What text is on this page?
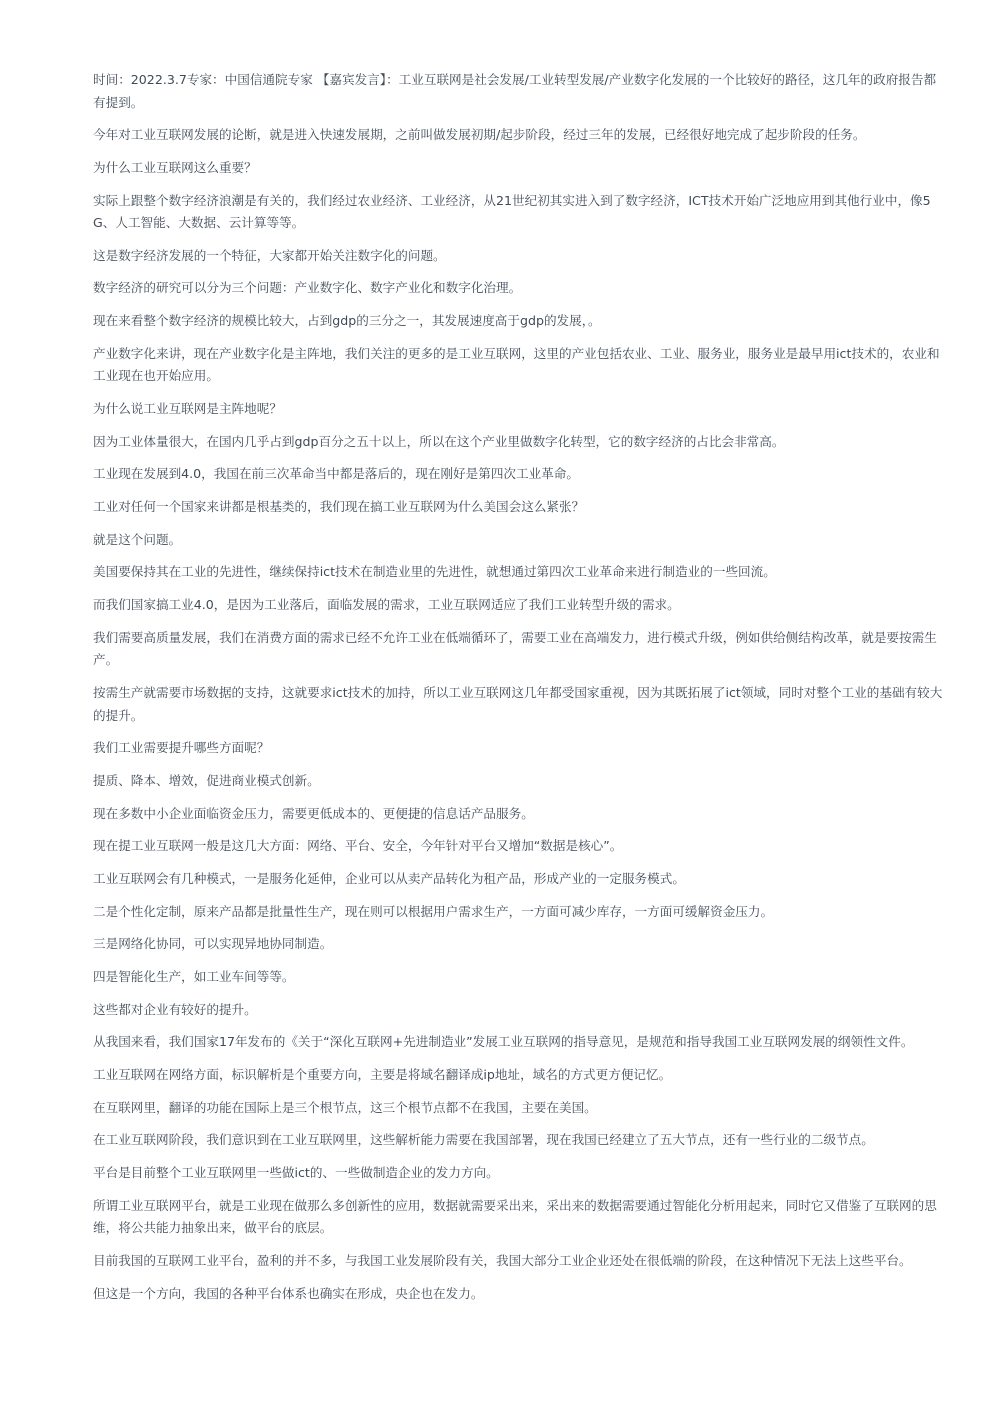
时间：2022.3.7专家：中国信通院专家 【嘉宾发言】：工业互联网是社会发展/工业转型发展/产业数字化发展的一个比较好的路径，这几年的政府报告都有提到。

今年对工业互联网发展的论断，就是进入快速发展期，之前叫做发展初期/起步阶段，经过三年的发展，已经很好地完成了起步阶段的任务。

为什么工业互联网这么重要？

实际上跟整个数字经济浪潮是有关的，我们经过农业经济、工业经济，从21世纪初其实进入到了数字经济，ICT技术开始广泛地应用到其他行业中，像5G、人工智能、大数据、云计算等等。

这是数字经济发展的一个特征，大家都开始关注数字化的问题。

数字经济的研究可以分为三个问题：产业数字化、数字产业化和数字化治理。

现在来看整个数字经济的规模比较大，占到gdp的三分之一，其发展速度高于gdp的发展，。

产业数字化来讲，现在产业数字化是主阵地，我们关注的更多的是工业互联网，这里的产业包括农业、工业、服务业，服务业是最早用ict技术的，农业和工业现在也开始应用。

为什么说工业互联网是主阵地呢？

因为工业体量很大，在国内几乎占到gdp百分之五十以上，所以在这个产业里做数字化转型，它的数字经济的占比会非常高。

工业现在发展到4.0，我国在前三次革命当中都是落后的，现在刚好是第四次工业革命。

工业对任何一个国家来讲都是根基类的，我们现在搞工业互联网为什么美国会这么紧张？

就是这个问题。

美国要保持其在工业的先进性，继续保持ict技术在制造业里的先进性，就想通过第四次工业革命来进行制造业的一些回流。

而我们国家搞工业4.0，是因为工业落后，面临发展的需求，工业互联网适应了我们工业转型升级的需求。

我们需要高质量发展，我们在消费方面的需求已经不允许工业在低端循环了，需要工业在高端发力，进行模式升级，例如供给侧结构改革，就是要按需生产。

按需生产就需要市场数据的支持，这就要求ict技术的加持，所以工业互联网这几年都受国家重视，因为其既拓展了ict领域，同时对整个工业的基础有较大的提升。

我们工业需要提升哪些方面呢？

提质、降本、增效，促进商业模式创新。

现在多数中小企业面临资金压力，需要更低成本的、更便捷的信息话产品服务。

现在提工业互联网一般是这几大方面：网络、平台、安全，今年针对平台又增加“数据是核心”。

工业互联网会有几种模式，一是服务化延伸，企业可以从卖产品转化为租产品，形成产业的一定服务模式。

二是个性化定制，原来产品都是批量性生产，现在则可以根据用户需求生产，一方面可减少库存，一方面可缓解资金压力。

三是网络化协同，可以实现异地协同制造。

四是智能化生产，如工业车间等等。

这些都对企业有较好的提升。

从我国来看，我们国家17年发布的《关于“深化互联网+先进制造业”发展工业互联网的指导意见，是规范和指导我国工业互联网发展的纲领性文件。

工业互联网在网络方面，标识解析是个重要方向，主要是将域名翻译成ip地址，域名的方式更方便记忆。

在互联网里，翻译的功能在国际上是三个根节点，这三个根节点都不在我国，主要在美国。

在工业互联网阶段，我们意识到在工业互联网里，这些解析能力需要在我国部署，现在我国已经建立了五大节点，还有一些行业的二级节点。

平台是目前整个工业互联网里一些做ict的、一些做制造企业的发力方向。

所谓工业互联网平台，就是工业现在做那么多创新性的应用，数据就需要采出来，采出来的数据需要通过智能化分析用起来，同时它又借鉴了互联网的思维，将公共能力抽象出来，做平台的底层。

目前我国的互联网工业平台，盈利的并不多，与我国工业发展阶段有关，我国大部分工业企业还处在很低端的阶段，在这种情况下无法上这些平台。

但这是一个方向，我国的各种平台体系也确实在形成，央企也在发力。
